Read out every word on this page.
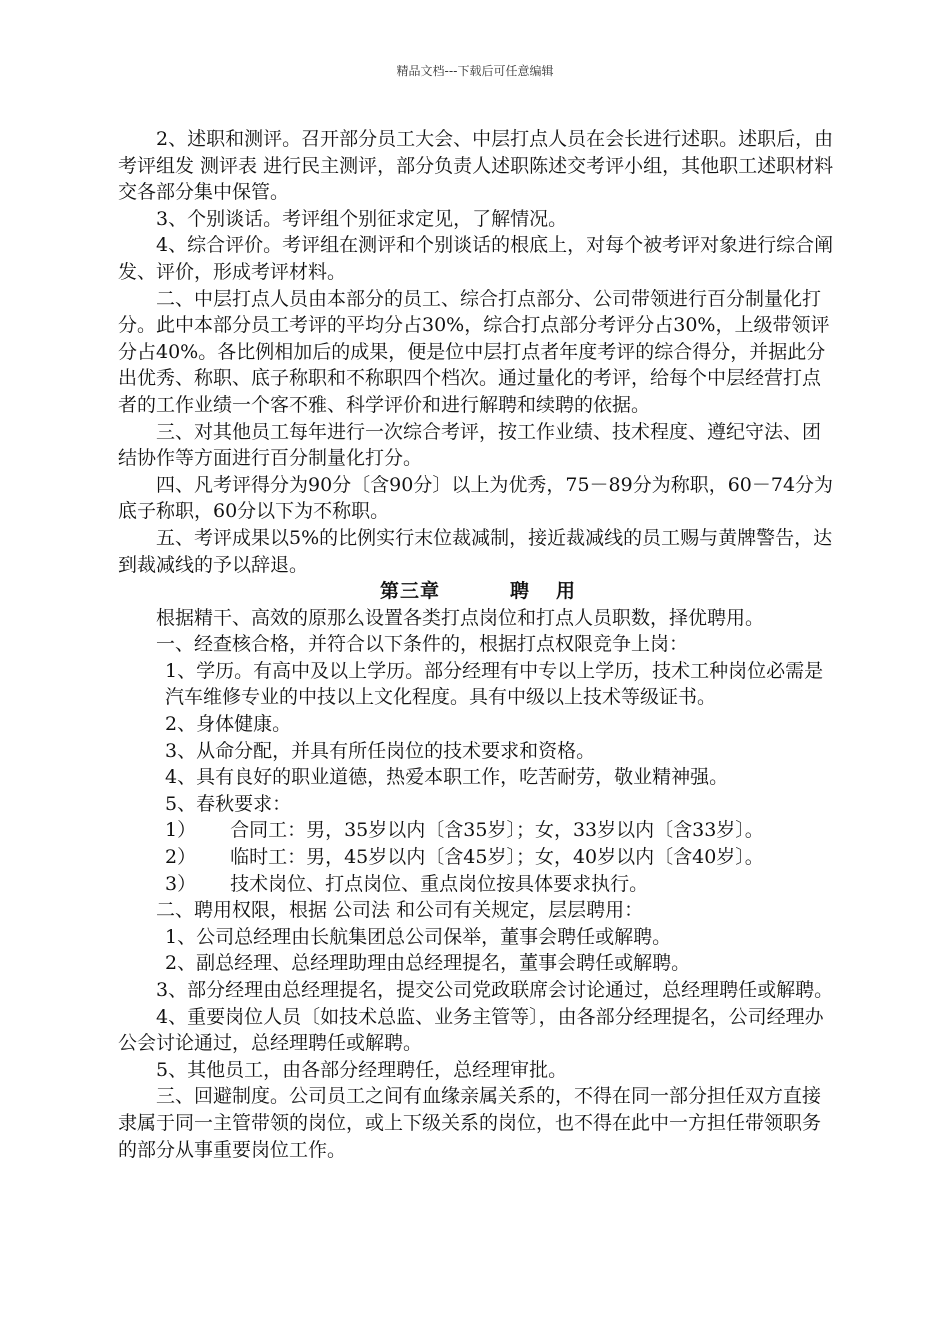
精品文档---下载后可任意编辑

2、述职和测评。召开部分员工大会、中层打点人员在会长进行述职。述职后，由考评组发 测评表 进行民主测评，部分负责人述职陈述交考评小组，其他职工述职材料交各部分集中保管。

3、个别谈话。考评组个别征求定见，了解情况。

4、综合评价。考评组在测评和个别谈话的根底上，对每个被考评对象进行综合阐发、评价，形成考评材料。

二、中层打点人员由本部分的员工、综合打点部分、公司带领进行百分制量化打分。此中本部分员工考评的平均分占30%，综合打点部分考评分占30%，上级带领评分占40%。各比例相加后的成果，便是位中层打点者年度考评的综合得分，并据此分出优秀、称职、底子称职和不称职四个档次。通过量化的考评，给每个中层经营打点者的工作业绩一个客不雅、科学评价和进行解聘和续聘的依据。

三、对其他员工每年进行一次综合考评，按工作业绩、技术程度、遵纪守法、团结协作等方面进行百分制量化打分。

四、凡考评得分为90分〔含90分〕以上为优秀，75－89分为称职，60－74分为底子称职，60分以下为不称职。

五、考评成果以5%的比例实行末位裁减制，接近裁减线的员工赐与黄牌警告，达到裁减线的予以辞退。

第三章	聘 用

根据精干、高效的原那么设置各类打点岗位和打点人员职数，择优聘用。

一、经查核合格，并符合以下条件的，根据打点权限竞争上岗：

1、学历。有高中及以上学历。部分经理有中专以上学历，技术工种岗位必需是汽车维修专业的中技以上文化程度。具有中级以上技术等级证书。

2、身体健康。

3、从命分配，并具有所任岗位的技术要求和资格。

4、具有良好的职业道德，热爱本职工作，吃苦耐劳，敬业精神强。

5、春秋要求：

1） 合同工：男，35岁以内〔含35岁〕；女，33岁以内〔含33岁〕。

2） 临时工：男，45岁以内〔含45岁〕；女，40岁以内〔含40岁〕。

3） 技术岗位、打点岗位、重点岗位按具体要求执行。

二、聘用权限，根据 公司法 和公司有关规定，层层聘用：

1、公司总经理由长航集团总公司保举，董事会聘任或解聘。

2、副总经理、总经理助理由总经理提名，董事会聘任或解聘。

3、部分经理由总经理提名，提交公司党政联席会讨论通过，总经理聘任或解聘。

4、重要岗位人员〔如技术总监、业务主管等〕，由各部分经理提名，公司经理办公会讨论通过，总经理聘任或解聘。

5、其他员工，由各部分经理聘任，总经理审批。

三、回避制度。公司员工之间有血缘亲属关系的，不得在同一部分担任双方直接隶属于同一主管带领的岗位，或上下级关系的岗位，也不得在此中一方担任带领职务的部分从事重要岗位工作。
